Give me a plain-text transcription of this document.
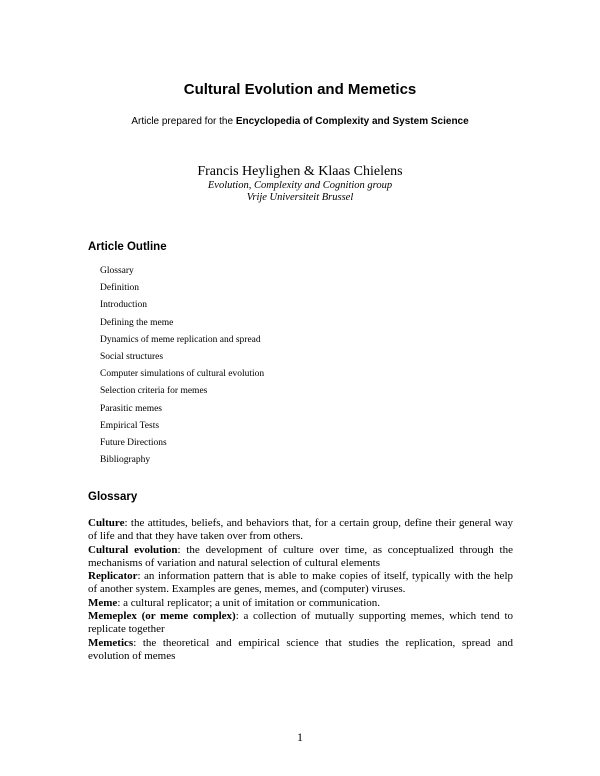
Cultural Evolution and Memetics
Article prepared for the Encyclopedia of Complexity and System Science
Francis Heylighen & Klaas Chielens
Evolution, Complexity and Cognition group
Vrije Universiteit Brussel
Article Outline
Glossary
Definition
Introduction
Defining the meme
Dynamics of meme replication and spread
Social structures
Computer simulations of cultural evolution
Selection criteria for memes
Parasitic memes
Empirical Tests
Future Directions
Bibliography
Glossary

Culture: the attitudes, beliefs, and behaviors that, for a certain group, define their general way of life and that they have taken over from others.

Cultural evolution: the development of culture over time, as conceptualized through the mechanisms of variation and natural selection of cultural elements

Replicator: an information pattern that is able to make copies of itself, typically with the help of another system. Examples are genes, memes, and (computer) viruses.

Meme: a cultural replicator; a unit of imitation or communication.

Memeplex (or meme complex): a collection of mutually supporting memes, which tend to replicate together

Memetics: the theoretical and empirical science that studies the replication, spread and evolution of memes

1
